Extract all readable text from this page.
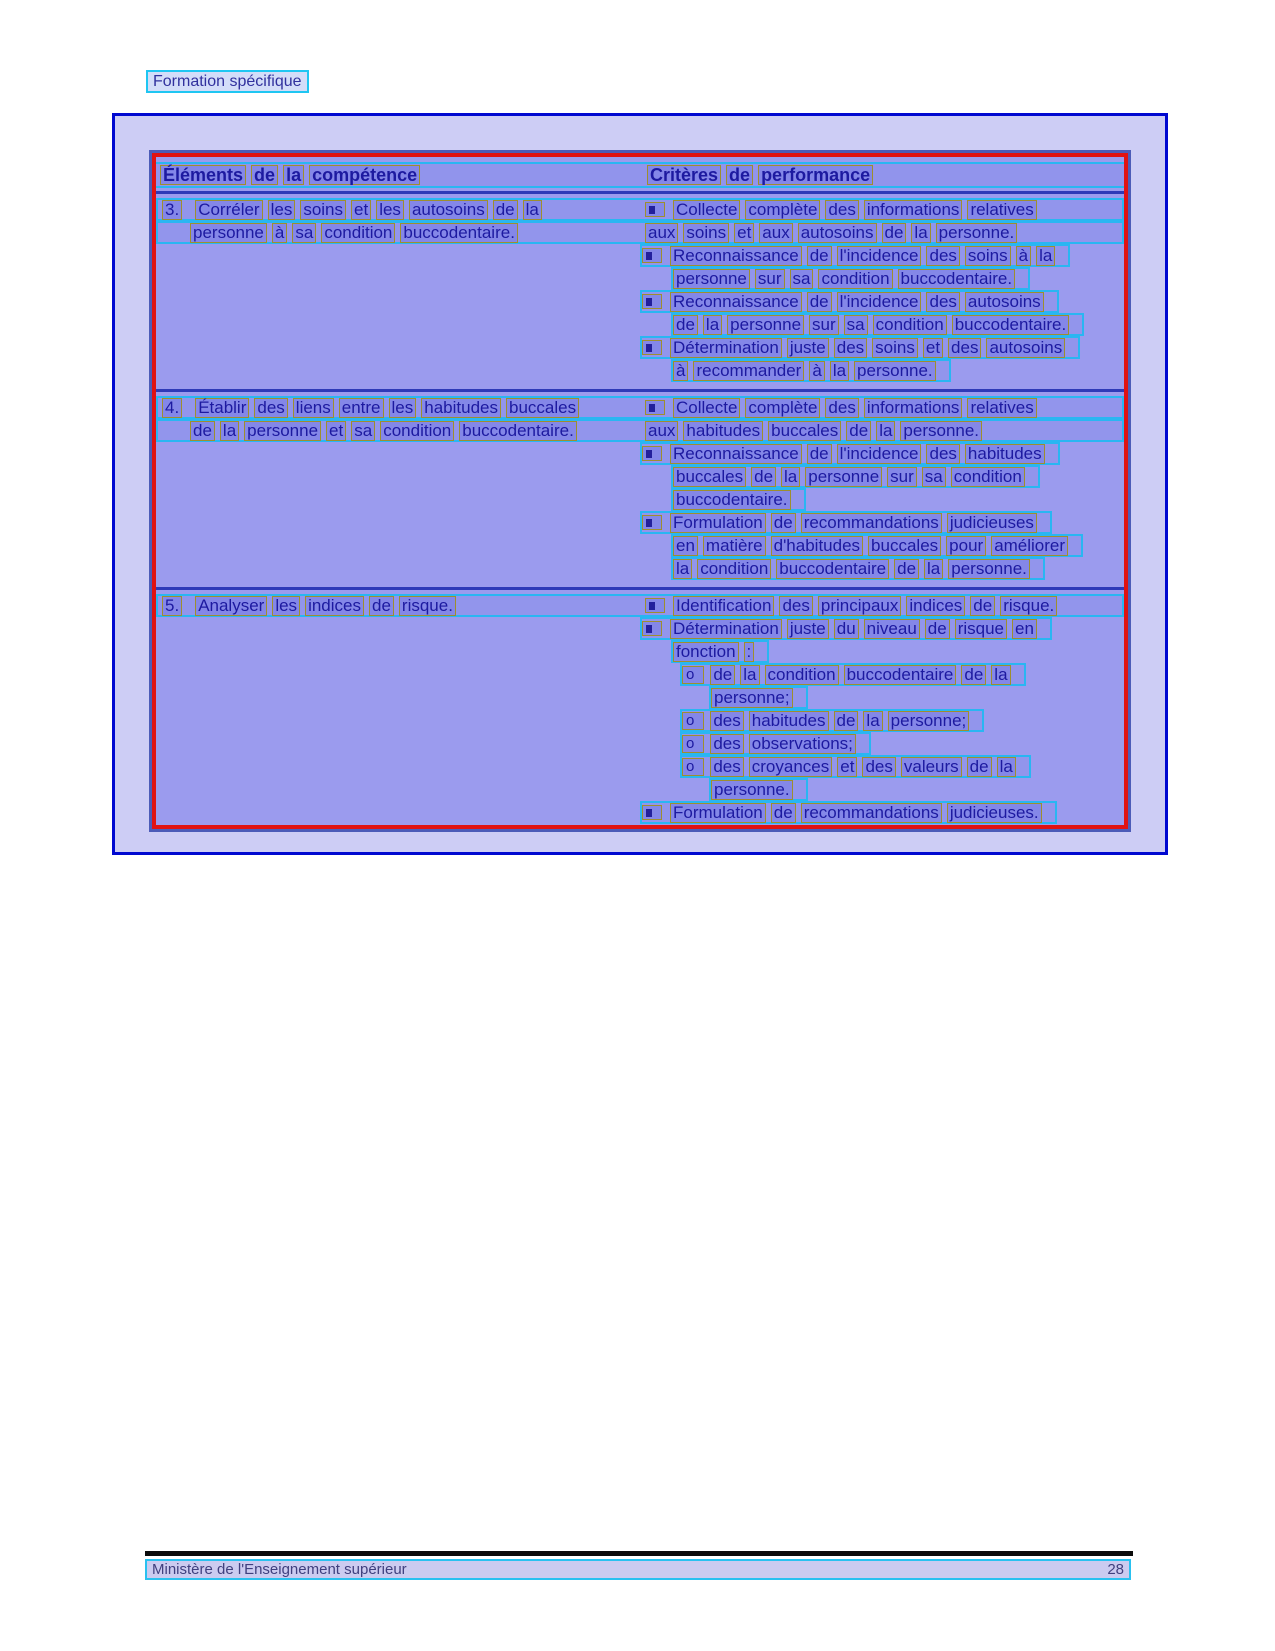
Formation spécifique
Éléments de la compétence	Critères de performance
3. Corréler les soins et les autosoins de la	Collecte complète des informations relatives
personne à sa condition buccodentaire.	aux soins et aux autosoins de la personne.
Reconnaissance de l'incidence des soins à la
personne sur sa condition buccodentaire.
Reconnaissance de l'incidence des autosoins
de la personne sur sa condition buccodentaire.
Détermination juste des soins et des autosoins
à recommander à la personne.
4. Établir des liens entre les habitudes buccales	Collecte complète des informations relatives
de la personne et sa condition buccodentaire.	aux habitudes buccales de la personne.
Reconnaissance de l'incidence des habitudes
buccales de la personne sur sa condition
buccodentaire.
Formulation de recommandations judicieuses
en matière d'habitudes buccales pour améliorer
la condition buccodentaire de la personne.
5. Analyser les indices de risque.	Identification des principaux indices de risque.
Détermination juste du niveau de risque en
fonction :
o	de la condition buccodentaire de la
personne;
o	des habitudes de la personne;
o	des observations;
o	des croyances et des valeurs de la
personne.
Formulation de recommandations judicieuses.
Ministère de l'Enseignement supérieur	28
